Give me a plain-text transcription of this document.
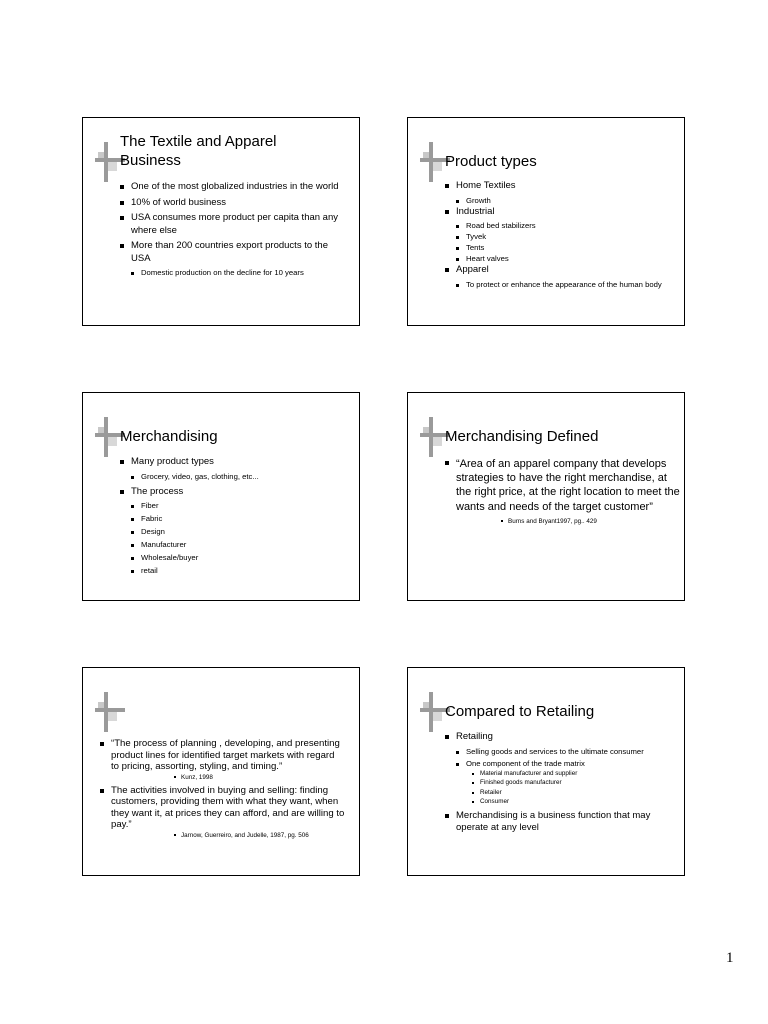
The Textile and Apparel
Business
One of the most globalized industries in the world
10% of world business
USA consumes more product per capita than any where else
More than 200 countries export products to the USA
Domestic production on the decline for 10 years
Product types
Home Textiles
Growth
Industrial
Road bed stabilizers
Tyvek
Tents
Heart valves
Apparel
To protect or enhance the appearance of the human body
Merchandising
Many product types
Grocery, video, gas, clothing, etc...
The process
Fiber
Fabric
Design
Manufacturer
Wholesale/buyer
retail
Merchandising Defined
“Area of an apparel company that develops strategies to have the right merchandise, at the right price, at the right location to meet the wants and needs of the target customer”
Burns and Bryant1997, pg.. 429
“The process of planning , developing, and presenting product lines for identified target markets with regard to pricing, assorting, styling, and timing.”
Kunz, 1998
The activities involved in buying and selling: finding customers, providing them with what they want, when they want it, at prices they can afford, and are willing to pay.”
Jarnow, Guerreiro, and Judelle, 1987, pg. 506
Compared to Retailing
Retailing
Selling goods and services to the ultimate consumer
One component of the trade matrix
Material manufacturer and supplier
Finished goods manufacturer
Retailer
Consumer
Merchandising is a business function that may operate at any level
1
